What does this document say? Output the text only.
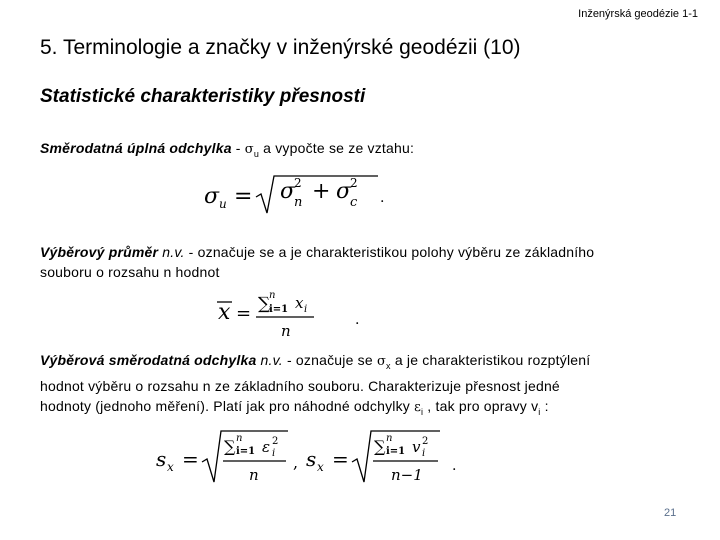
Inženýrská geodézie 1-1
5. Terminologie a značky v inženýrské geodézii (10)
Statistické charakteristiky přesnosti
Směrodatná úplná odchylka - $\sigma_u$ a vypočte se ze vztahu:
σ u = σ
2
n + σ
2
c .
Výběrový průměr n.v. - označuje se a je charakteristikou polohy výběru ze základního
souboru o rozsahu n hodnot
x = ∑
n
i=1 x i
n
.
Výběrová směrodatná odchylka n.v. - označuje se $\sigma_x$ a je charakteristikou rozptýlení
hodnot výběru o rozsahu n ze základního souboru. Charakterizuje přesnost jedné
hodnoty (jednoho měření). Platí jak pro náhodné odchylky $\varepsilon_i$ , tak pro opravy $v_i$ :
s x =
∑ n
i=1 ε 2
i
n
, s x =
∑ n
i=1 v 2
i
n−1 .
21
